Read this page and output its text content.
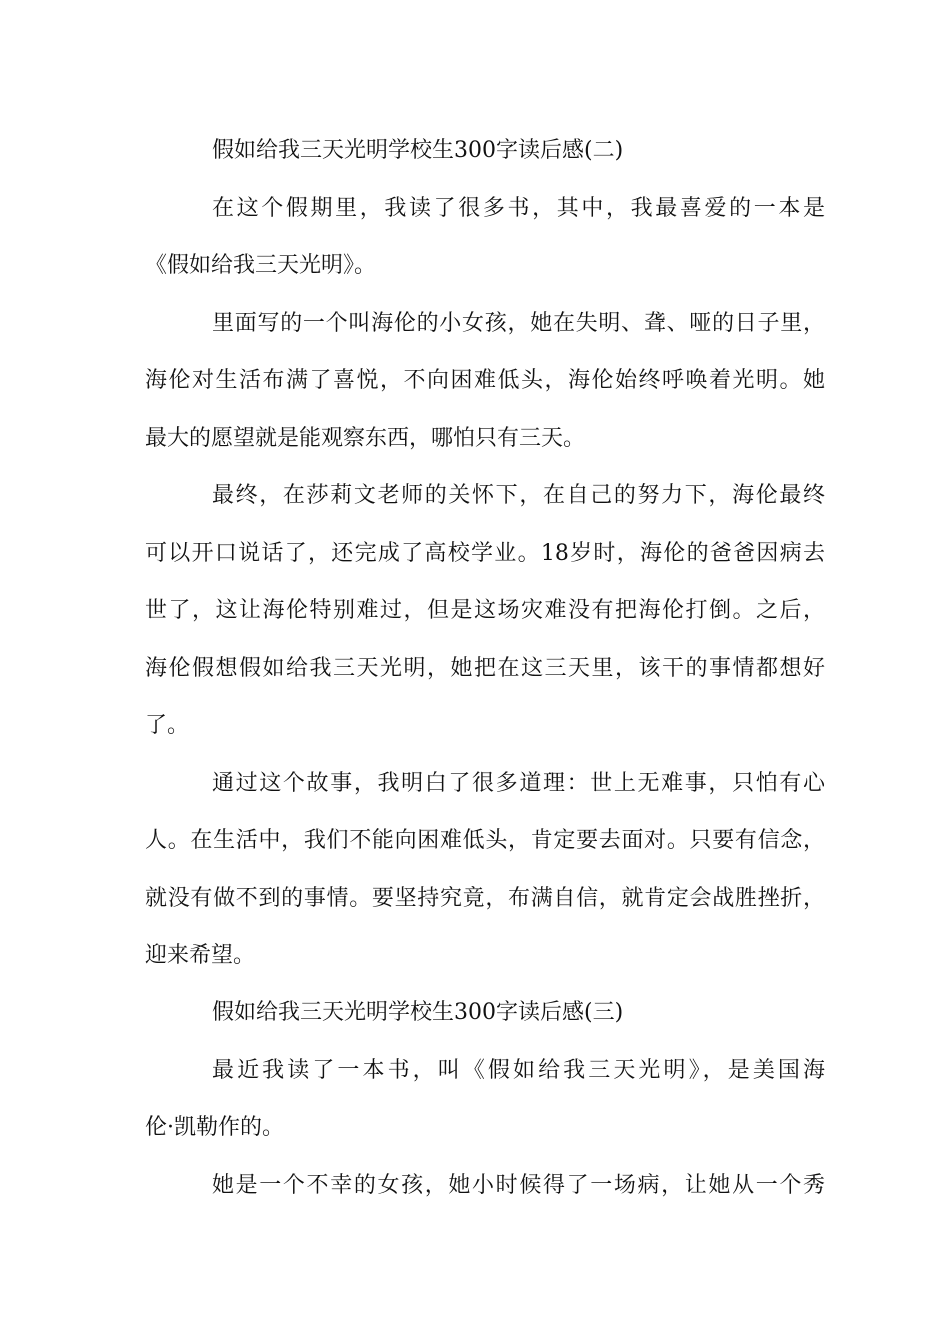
假如给我三天光明学校生300字读后感(二)

在这个假期里，我读了很多书，其中，我最喜爱的一本是

《假如给我三天光明》。

里面写的一个叫海伦的小女孩，她在失明、聋、哑的日子里，

海伦对生活布满了喜悦，不向困难低头，海伦始终呼唤着光明。她

最大的愿望就是能观察东西，哪怕只有三天。

最终，在莎莉文老师的关怀下，在自己的努力下，海伦最终

可以开口说话了，还完成了高校学业。18岁时，海伦的爸爸因病去

世了，这让海伦特别难过，但是这场灾难没有把海伦打倒。之后，

海伦假想假如给我三天光明，她把在这三天里，该干的事情都想好

了。

通过这个故事，我明白了很多道理：世上无难事，只怕有心

人。在生活中，我们不能向困难低头，肯定要去面对。只要有信念，

就没有做不到的事情。要坚持究竟，布满自信，就肯定会战胜挫折，

迎来希望。

假如给我三天光明学校生300字读后感(三)

最近我读了一本书，叫《假如给我三天光明》，是美国海

伦·凯勒作的。

她是一个不幸的女孩，她小时候得了一场病，让她从一个秀
